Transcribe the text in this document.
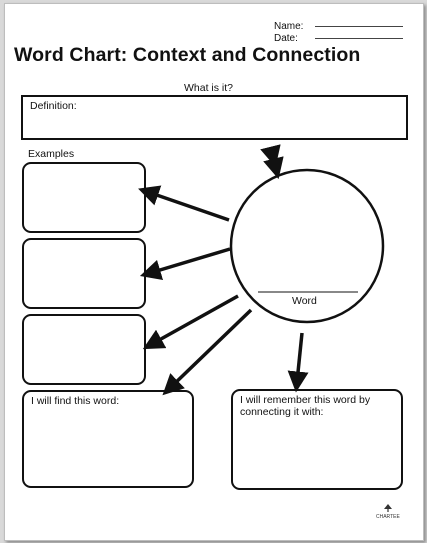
Name:
Date:
Word Chart: Context and Connection
What is it?
Definition:
Examples
I will find this word:	I will remember this word by connecting it with:
Word

CHARTEE
